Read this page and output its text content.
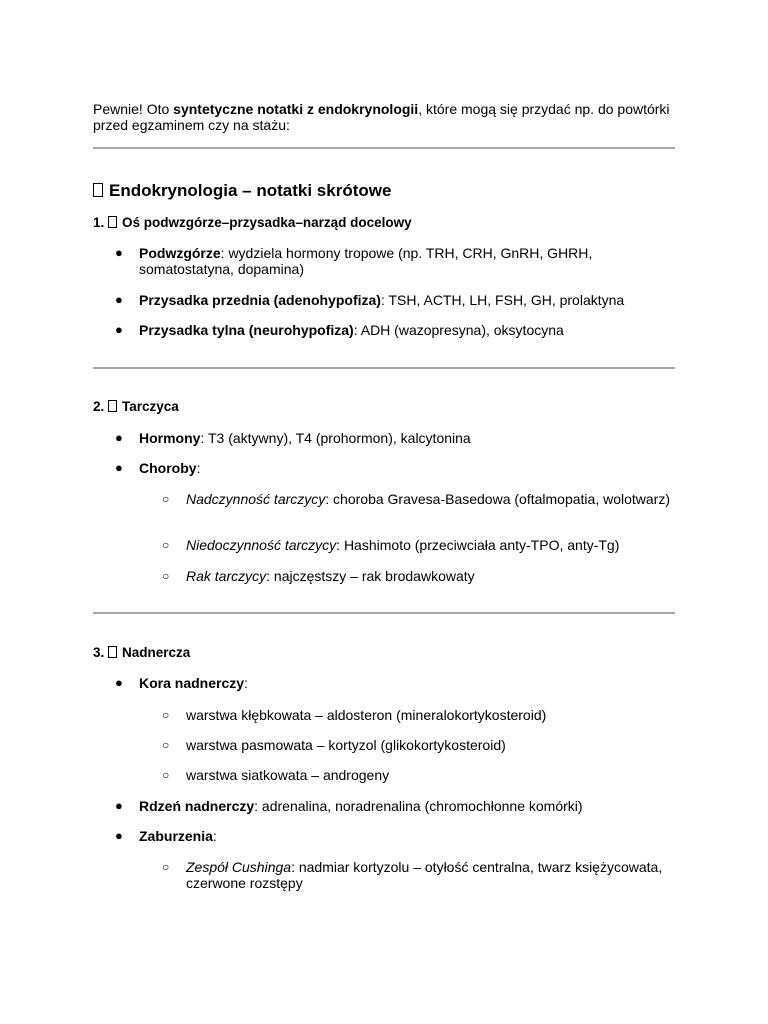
Pewnie! Oto syntetyczne notatki z endokrynologii, które mogą się przydać np. do powtórki przed egzaminem czy na stażu:
Endokrynologia – notatki skrótowe
1. Oś podwzgórze–przysadka–narząd docelowy
● Podwzgórze: wydziela hormony tropowe (np. TRH, CRH, GnRH, GHRH, somatostatyna, dopamina)
● Przysadka przednia (adenohypofiza): TSH, ACTH, LH, FSH, GH, prolaktyna
● Przysadka tylna (neurohypofiza): ADH (wazopresyna), oksytocyna
2. Tarczyca
● Hormony: T3 (aktywny), T4 (prohormon), kalcytonina
● Choroby:
○ Nadczynność tarczycy: choroba Gravesa-Basedowa (oftalmopatia, wolotwarz)
○ Niedoczynność tarczycy: Hashimoto (przeciwciała anty-TPO, anty-Tg)
○ Rak tarczycy: najczęstszy – rak brodawkowaty
3. Nadnercza
● Kora nadnerczy:
○ warstwa kłębkowata – aldosteron (mineralokortykosteroid)
○ warstwa pasmowata – kortyzol (glikokortykosteroid)
○ warstwa siatkowata – androgeny
● Rdzeń nadnerczy: adrenalina, noradrenalina (chromochłonne komórki)
● Zaburzenia:
○ Zespół Cushinga: nadmiar kortyzolu – otyłość centralna, twarz księżycowata, czerwone rozstępy
